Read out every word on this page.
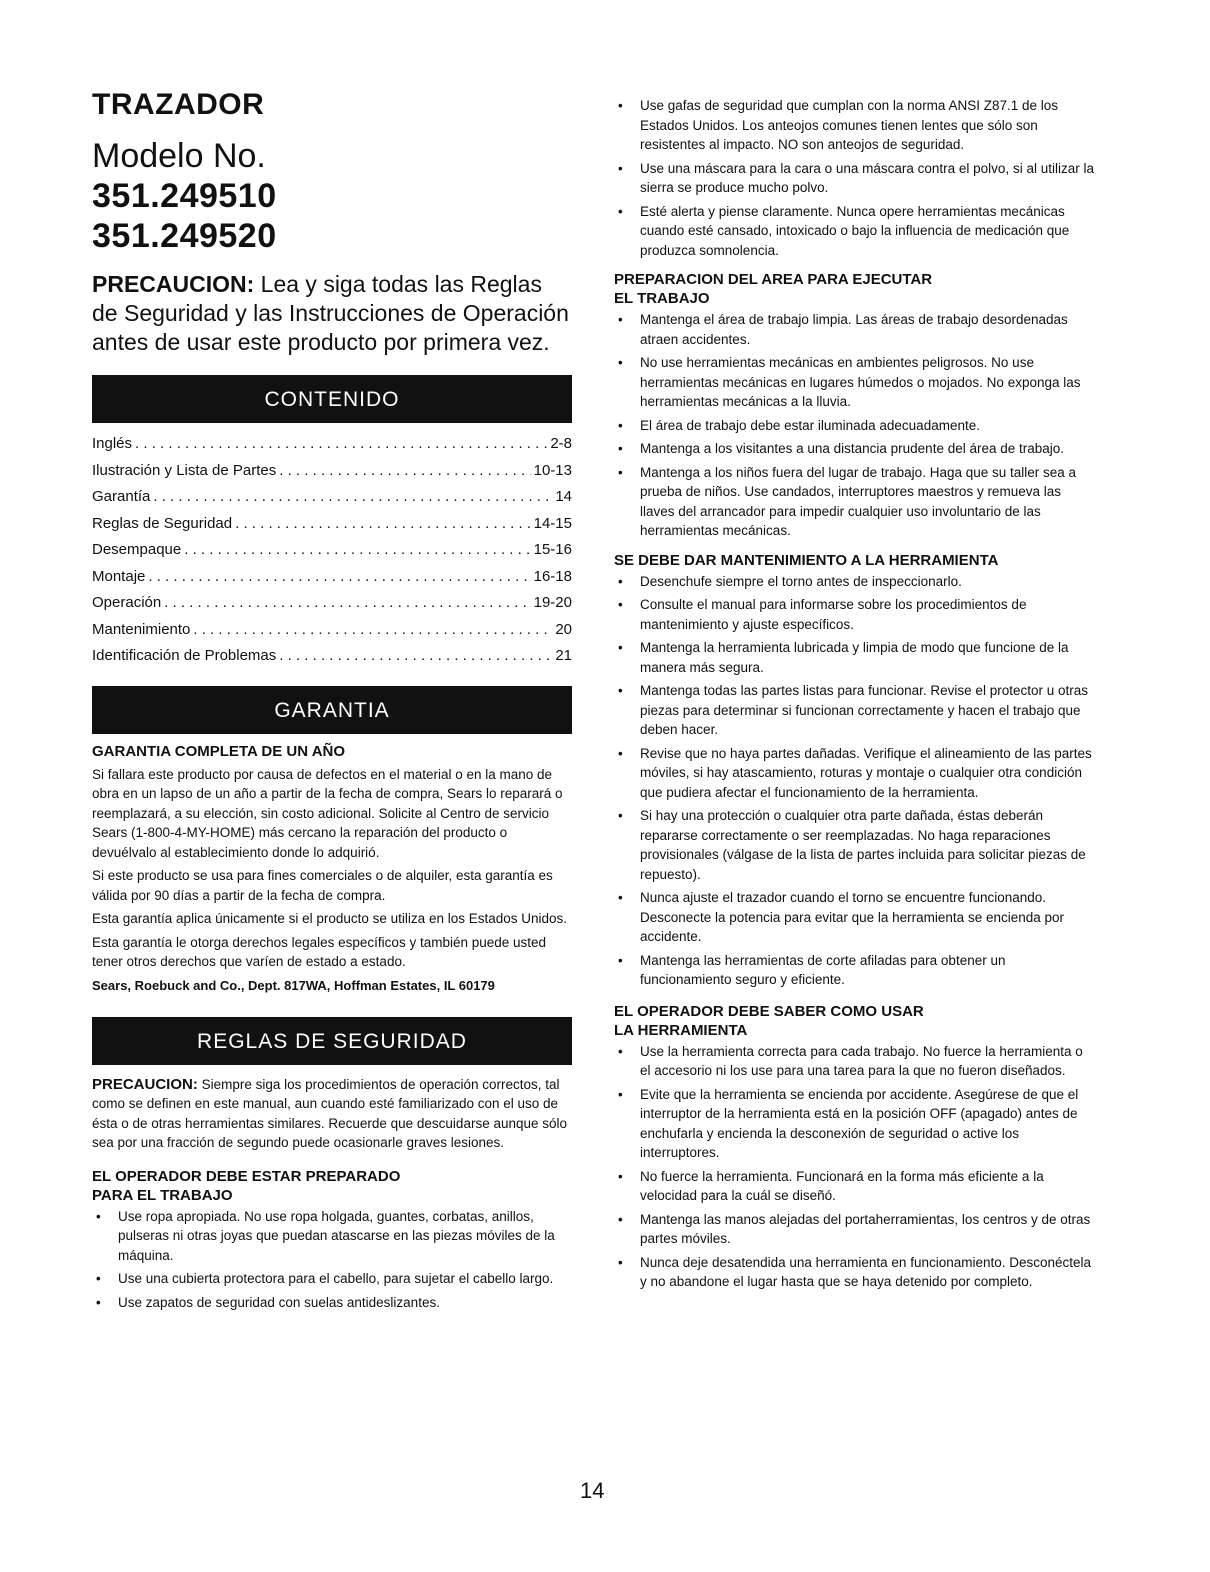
TRAZADOR

Modelo No.

351.249510

351.249520

PRECAUCION: Lea y siga todas las Reglas de Seguridad y las Instrucciones de Operación antes de usar este producto por primera vez.

CONTENIDO
Inglés . . .	2-8
Ilustración y Lista de Partes . . .	10-13
Garantía . . .	14
Reglas de Seguridad . . .	14-15
Desempaque . . .	15-16
Montaje . . .	16-18
Operación . . .	19-20
Mantenimiento . . .	20
Identificación de Problemas . . .	21
GARANTIA
GARANTIA COMPLETA DE UN AÑO

Si fallara este producto por causa de defectos en el material o en la mano de obra en un lapso de un año a partir de la fecha de compra, Sears lo reparará o reemplazará, a su elección, sin costo adicional. Solicite al Centro de servicio Sears (1-800-4-MY-HOME) más cercano la reparación del producto o devuélvalo al establecimiento donde lo adquirió.

Si este producto se usa para fines comerciales o de alquiler, esta garantía es válida por 90 días a partir de la fecha de compra.

Esta garantía aplica únicamente si el producto se utiliza en los Estados Unidos.

Esta garantía le otorga derechos legales específicos y también puede usted tener otros derechos que varíen de estado a estado.

Sears, Roebuck and Co., Dept. 817WA, Hoffman Estates, IL 60179

REGLAS DE SEGURIDAD

PRECAUCION: Siempre siga los procedimientos de operación correctos, tal como se definen en este manual, aun cuando esté familiarizado con el uso de ésta o de otras herramientas similares. Recuerde que descuidarse aunque sólo sea por una fracción de segundo puede ocasionarle graves lesiones.

EL OPERADOR DEBE ESTAR PREPARADO
PARA EL TRABAJO
• Use ropa apropiada. No use ropa holgada, guantes, corbatas, anillos, pulseras ni otras joyas que puedan atascarse en las piezas móviles de la máquina.
• Use una cubierta protectora para el cabello, para sujetar el cabello largo.
• Use zapatos de seguridad con suelas antideslizantes.
• Use gafas de seguridad que cumplan con la norma ANSI Z87.1 de los Estados Unidos. Los anteojos comunes tienen lentes que sólo son resistentes al impacto. NO son anteojos de seguridad.
• Use una máscara para la cara o una máscara contra el polvo, si al utilizar la sierra se produce mucho polvo.
• Esté alerta y piense claramente. Nunca opere herramientas mecánicas cuando esté cansado, intoxicado o bajo la influencia de medicación que produzca somnolencia.
PREPARACION DEL AREA PARA EJECUTAR
EL TRABAJO
• Mantenga el área de trabajo limpia. Las áreas de trabajo desordenadas atraen accidentes.
• No use herramientas mecánicas en ambientes peligrosos. No use herramientas mecánicas en lugares húmedos o mojados. No exponga las herramientas mecánicas a la lluvia.
• El área de trabajo debe estar iluminada adecuadamente.
• Mantenga a los visitantes a una distancia prudente del área de trabajo.
• Mantenga a los niños fuera del lugar de trabajo. Haga que su taller sea a prueba de niños. Use candados, interruptores maestros y remueva las llaves del arrancador para impedir cualquier uso involuntario de las herramientas mecánicas.
SE DEBE DAR MANTENIMIENTO A LA HERRAMIENTA
• Desenchufe siempre el torno antes de inspeccionarlo.
• Consulte el manual para informarse sobre los procedimientos de mantenimiento y ajuste específicos.
• Mantenga la herramienta lubricada y limpia de modo que funcione de la manera más segura.
• Mantenga todas las partes listas para funcionar. Revise el protector u otras piezas para determinar si funcionan correctamente y hacen el trabajo que deben hacer.
• Revise que no haya partes dañadas. Verifique el alineamiento de las partes móviles, si hay atascamiento, roturas y montaje o cualquier otra condición que pudiera afectar el funcionamiento de la herramienta.
• Si hay una protección o cualquier otra parte dañada, éstas deberán repararse correctamente o ser reemplazadas. No haga reparaciones provisionales (válgase de la lista de partes incluida para solicitar piezas de repuesto).
• Nunca ajuste el trazador cuando el torno se encuentre funcionando. Desconecte la potencia para evitar que la herramienta se encienda por accidente.
• Mantenga las herramientas de corte afiladas para obtener un funcionamiento seguro y eficiente.
EL OPERADOR DEBE SABER COMO USAR
LA HERRAMIENTA
• Use la herramienta correcta para cada trabajo. No fuerce la herramienta o el accesorio ni los use para una tarea para la que no fueron diseñados.
• Evite que la herramienta se encienda por accidente. Asegúrese de que el interruptor de la herramienta está en la posición OFF (apagado) antes de enchufarla y encienda la desconexión de seguridad o active los interruptores.
• No fuerce la herramienta. Funcionará en la forma más eficiente a la velocidad para la cuál se diseñó.
• Mantenga las manos alejadas del portaherramientas, los centros y de otras partes móviles.
• Nunca deje desatendida una herramienta en funcionamiento. Desconéctela y no abandone el lugar hasta que se haya detenido por completo.
14
